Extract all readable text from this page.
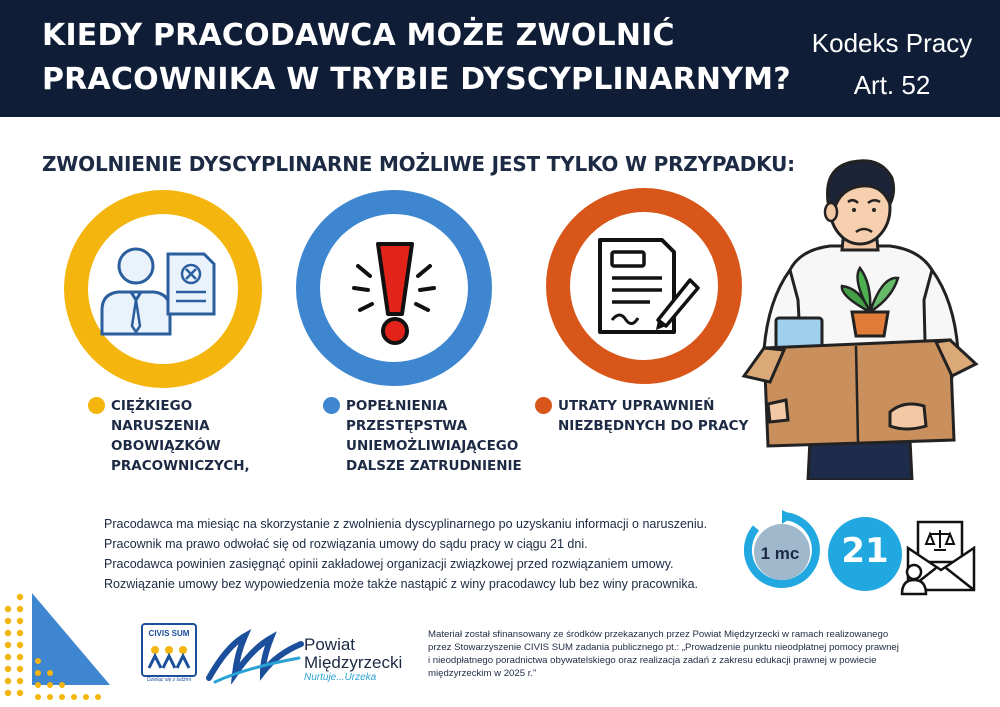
KIEDY PRACODAWCA MOŻE ZWOLNIĆ
PRACOWNIKA W TRYBIE DYSCYPLINARNYM?
Kodeks Pracy
Art. 52
ZWOLNIENIE DYSCYPLINARNE MOŻLIWE JEST TYLKO W PRZYPADKU:
CIĘŻKIEGO
NARUSZENIA
OBOWIĄZKÓW
PRACOWNICZYCH,
POPEŁNIENIA
PRZESTĘPSTWA
UNIEMOŻLIWIAJĄCEGO
DALSZE ZATRUDNIENIE
UTRATY UPRAWNIEŃ
NIEZBĘDNYCH DO PRACY
Pracodawca ma miesiąc na skorzystanie z zwolnienia dyscyplinarnego po uzyskaniu informacji o naruszeniu.
Pracownik ma prawo odwołać się od rozwiązania umowy do sądu pracy w ciągu 21 dni.
Pracodawca powinien zasięgnąć opinii zakładowej organizacji związkowej przed rozwiązaniem umowy.
Rozwiązanie umowy bez wypowiedzenia może także nastąpić z winy pracodawcy lub bez winy pracownika.
1 mc	21
CIVIS SUM
Dzieląc się z ludźmi
Powiat
Międzyrzecki
Nurtuje...Urzeka
Materiał został sfinansowany ze środków przekazanych przez Powiat Międzyrzecki w ramach realizowanego
przez Stowarzyszenie CIVIS SUM zadania publicznego pt.: „Prowadzenie punktu nieodpłatnej pomocy prawnej
i nieodpłatnego poradnictwa obywatelskiego oraz realizacja zadań z zakresu edukacji prawnej w powiecie
międzyrzeckim w 2025 r.”
